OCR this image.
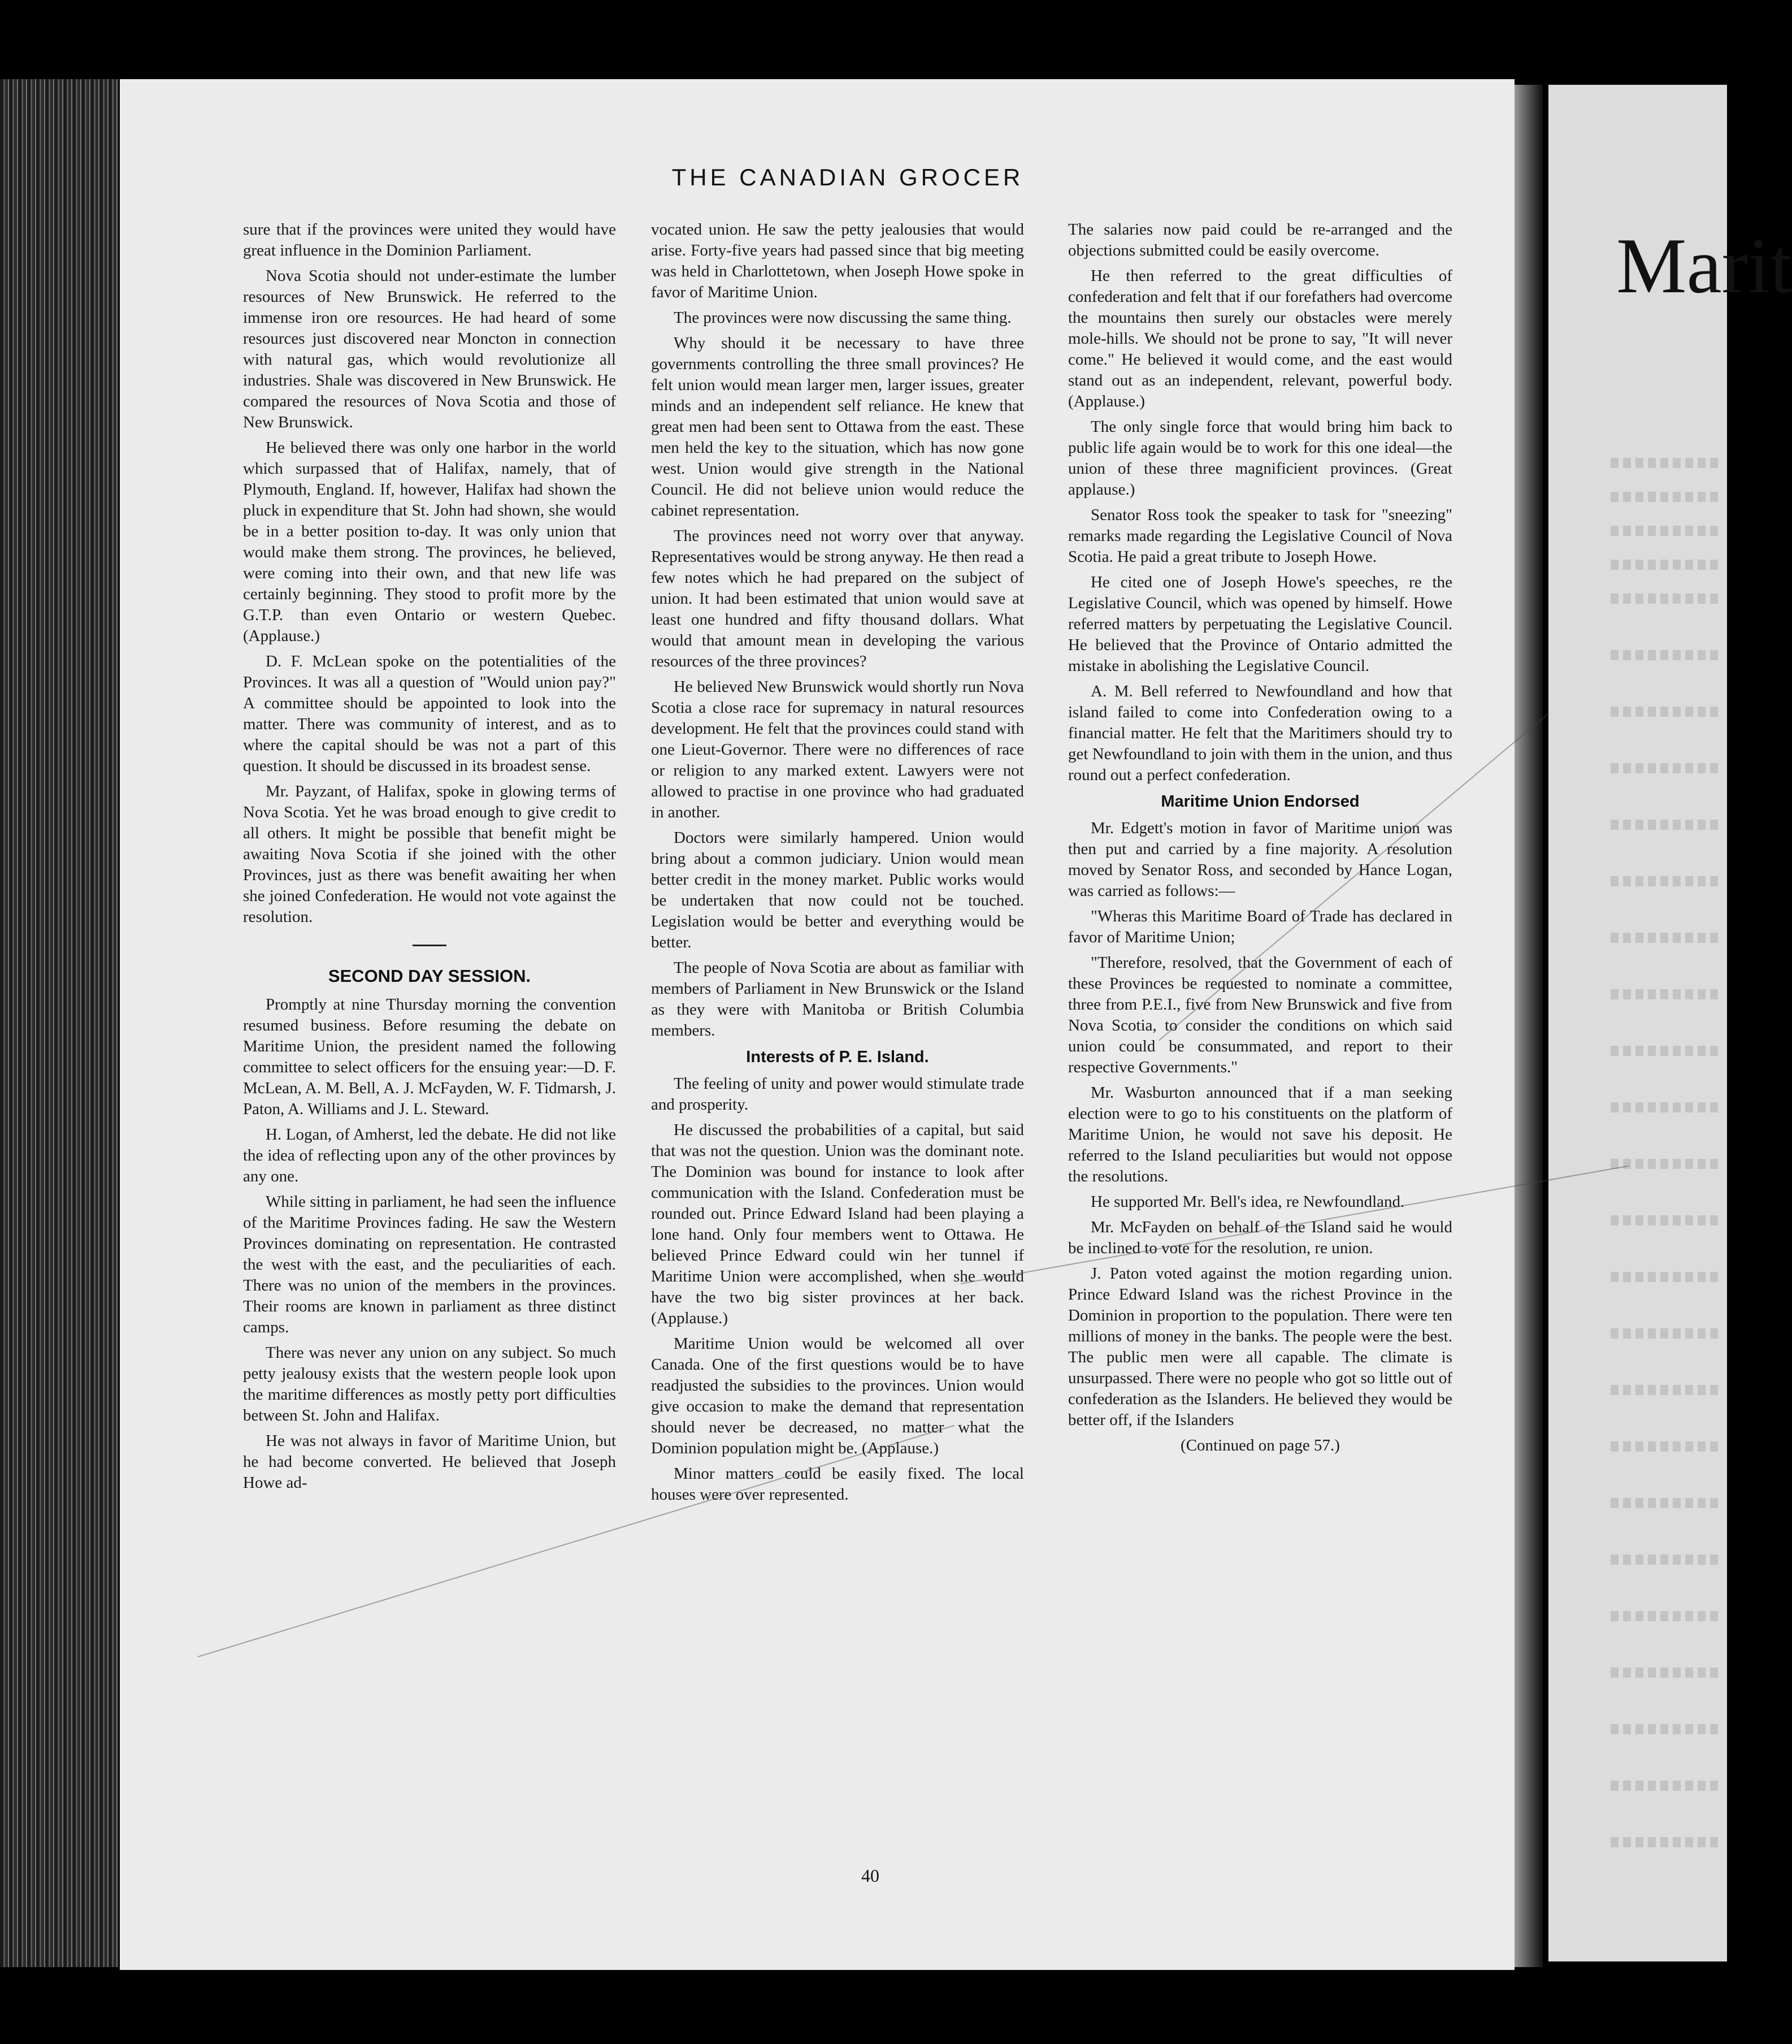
Marit
THE CANADIAN GROCER

sure that if the provinces were united they would have great influence in the Dominion Parliament.

Nova Scotia should not under-estimate the lumber resources of New Brunswick. He referred to the immense iron ore resources. He had heard of some resources just discovered near Moncton in connection with natural gas, which would revolutionize all industries. Shale was discovered in New Brunswick. He compared the resources of Nova Scotia and those of New Brunswick.

He believed there was only one harbor in the world which surpassed that of Halifax, namely, that of Plymouth, England. If, however, Halifax had shown the pluck in expenditure that St. John had shown, she would be in a better position to-day. It was only union that would make them strong. The provinces, he believed, were coming into their own, and that new life was certainly beginning. They stood to profit more by the G.T.P. than even Ontario or western Quebec. (Applause.)

D. F. McLean spoke on the potentialities of the Provinces. It was all a question of "Would union pay?" A committee should be appointed to look into the matter. There was community of interest, and as to where the capital should be was not a part of this question. It should be discussed in its broadest sense.

Mr. Payzant, of Halifax, spoke in glowing terms of Nova Scotia. Yet he was broad enough to give credit to all others. It might be possible that benefit might be awaiting Nova Scotia if she joined with the other Provinces, just as there was benefit awaiting her when she joined Confederation. He would not vote against the resolution.

SECOND DAY SESSION.

Promptly at nine Thursday morning the convention resumed business. Before resuming the debate on Maritime Union, the president named the following committee to select officers for the ensuing year:—D. F. McLean, A. M. Bell, A. J. McFayden, W. F. Tidmarsh, J. Paton, A. Williams and J. L. Steward.

H. Logan, of Amherst, led the debate. He did not like the idea of reflecting upon any of the other provinces by any one.

While sitting in parliament, he had seen the influence of the Maritime Provinces fading. He saw the Western Provinces dominating on representation. He contrasted the west with the east, and the peculiarities of each. There was no union of the members in the provinces. Their rooms are known in parliament as three distinct camps.

There was never any union on any subject. So much petty jealousy exists that the western people look upon the maritime differences as mostly petty port difficulties between St. John and Halifax.

He was not always in favor of Maritime Union, but he had become converted. He believed that Joseph Howe ad-

vocated union. He saw the petty jealousies that would arise. Forty-five years had passed since that big meeting was held in Charlottetown, when Joseph Howe spoke in favor of Maritime Union.

The provinces were now discussing the same thing.

Why should it be necessary to have three governments controlling the three small provinces? He felt union would mean larger men, larger issues, greater minds and an independent self reliance. He knew that great men had been sent to Ottawa from the east. These men held the key to the situation, which has now gone west. Union would give strength in the National Council. He did not believe union would reduce the cabinet representation.

The provinces need not worry over that anyway. Representatives would be strong anyway. He then read a few notes which he had prepared on the subject of union. It had been estimated that union would save at least one hundred and fifty thousand dollars. What would that amount mean in developing the various resources of the three provinces?

He believed New Brunswick would shortly run Nova Scotia a close race for supremacy in natural resources development. He felt that the provinces could stand with one Lieut-Governor. There were no differences of race or religion to any marked extent. Lawyers were not allowed to practise in one province who had graduated in another.

Doctors were similarly hampered. Union would bring about a common judiciary. Union would mean better credit in the money market. Public works would be undertaken that now could not be touched. Legislation would be better and everything would be better.

The people of Nova Scotia are about as familiar with members of Parliament in New Brunswick or the Island as they were with Manitoba or British Columbia members.

Interests of P. E. Island.

The feeling of unity and power would stimulate trade and prosperity.

He discussed the probabilities of a capital, but said that was not the question. Union was the dominant note. The Dominion was bound for instance to look after communication with the Island. Confederation must be rounded out. Prince Edward Island had been playing a lone hand. Only four members went to Ottawa. He believed Prince Edward could win her tunnel if Maritime Union were accomplished, when she would have the two big sister provinces at her back. (Applause.)

Maritime Union would be welcomed all over Canada. One of the first questions would be to have readjusted the subsidies to the provinces. Union would give occasion to make the demand that representation should never be decreased, no matter what the Dominion population might be. (Applause.)

Minor matters could be easily fixed. The local houses were over represented.

The salaries now paid could be re-arranged and the objections submitted could be easily overcome.

He then referred to the great difficulties of confederation and felt that if our forefathers had overcome the mountains then surely our obstacles were merely mole-hills. We should not be prone to say, "It will never come." He believed it would come, and the east would stand out as an independent, relevant, powerful body. (Applause.)

The only single force that would bring him back to public life again would be to work for this one ideal—the union of these three magnificient provinces. (Great applause.)

Senator Ross took the speaker to task for "sneezing" remarks made regarding the Legislative Council of Nova Scotia. He paid a great tribute to Joseph Howe.

He cited one of Joseph Howe's speeches, re the Legislative Council, which was opened by himself. Howe referred matters by perpetuating the Legislative Council. He believed that the Province of Ontario admitted the mistake in abolishing the Legislative Council.

A. M. Bell referred to Newfoundland and how that island failed to come into Confederation owing to a financial matter. He felt that the Maritimers should try to get Newfoundland to join with them in the union, and thus round out a perfect confederation.

Maritime Union Endorsed

Mr. Edgett's motion in favor of Maritime union was then put and carried by a fine majority. A resolution moved by Senator Ross, and seconded by Hance Logan, was carried as follows:—

"Wheras this Maritime Board of Trade has declared in favor of Maritime Union;

"Therefore, resolved, that the Government of each of these Provinces be requested to nominate a committee, three from P.E.I., five from New Brunswick and five from Nova Scotia, to consider the conditions on which said union could be consummated, and report to their respective Governments."

Mr. Wasburton announced that if a man seeking election were to go to his constituents on the platform of Maritime Union, he would not save his deposit. He referred to the Island peculiarities but would not oppose the resolutions.

He supported Mr. Bell's idea, re Newfoundland.

Mr. McFayden on behalf of the Island said he would be inclined to vote for the resolution, re union.

J. Paton voted against the motion regarding union. Prince Edward Island was the richest Province in the Dominion in proportion to the population. There were ten millions of money in the banks. The people were the best. The public men were all capable. The climate is unsurpassed. There were no people who got so little out of confederation as the Islanders. He believed they would be better off, if the Islanders

(Continued on page 57.)

40
